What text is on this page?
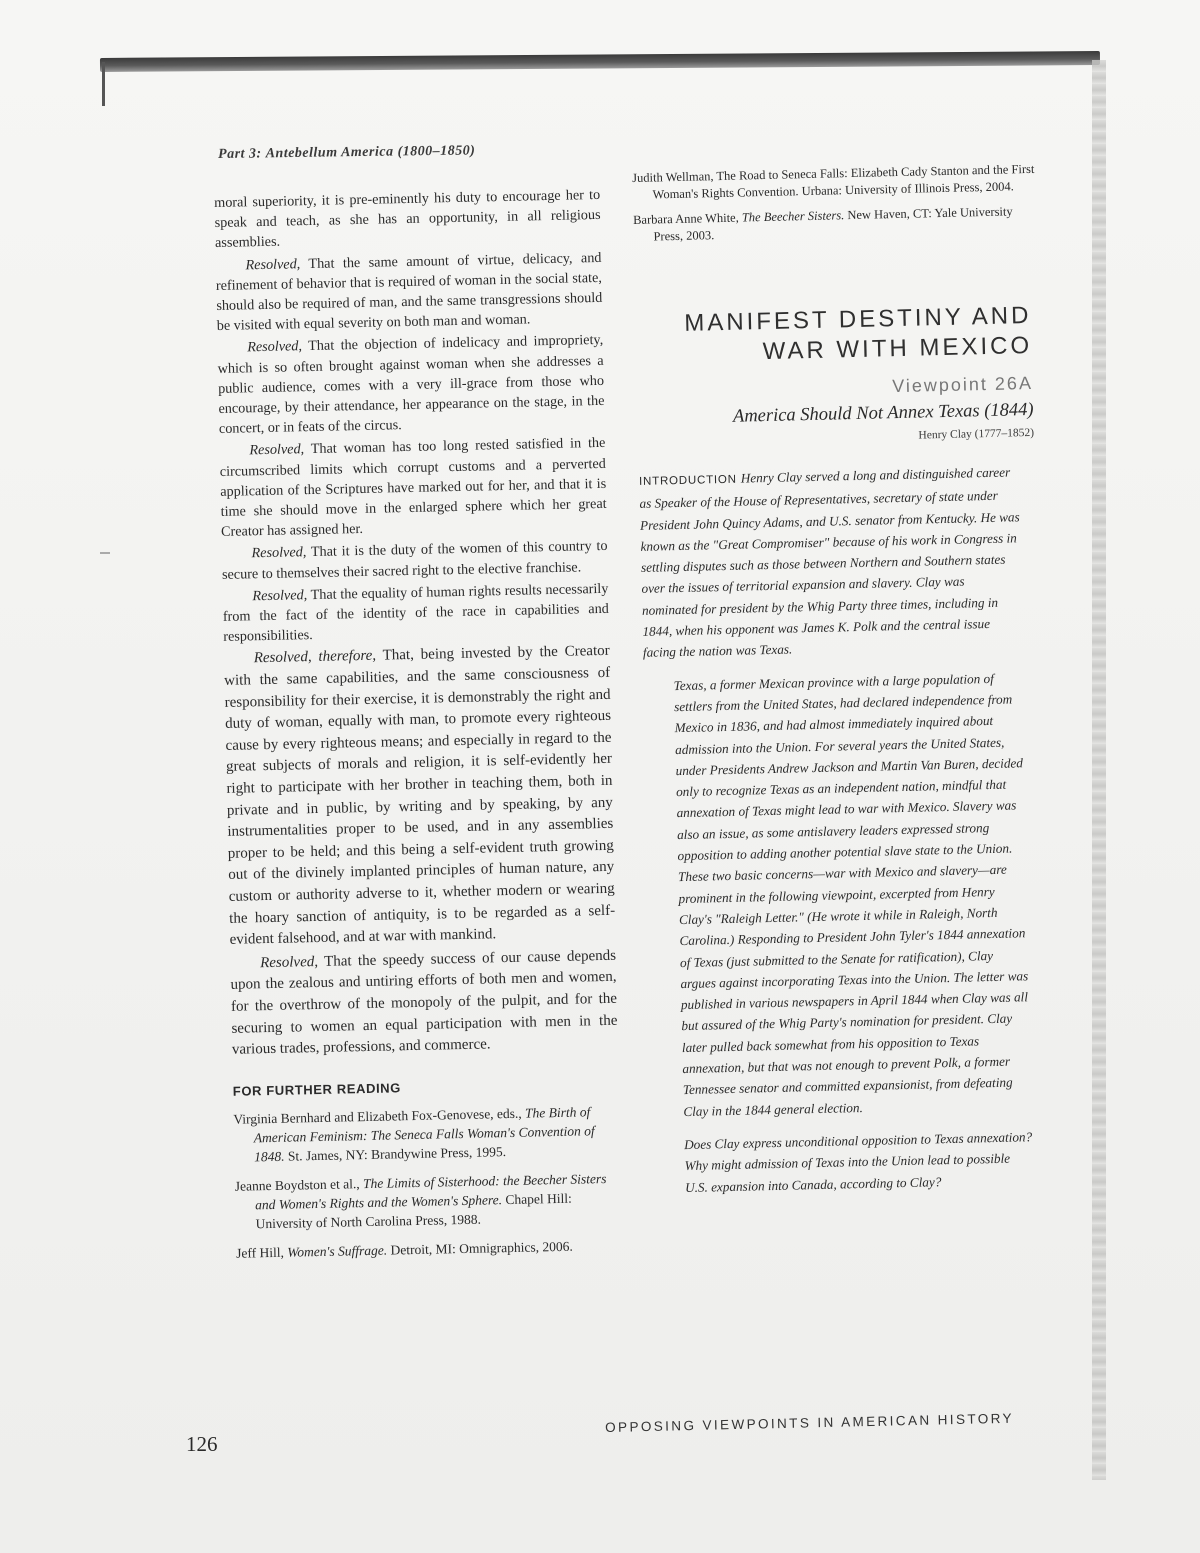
Part 3: Antebellum America (1800–1850)

moral superiority, it is pre-eminently his duty to encourage her to speak and teach, as she has an opportunity, in all religious assemblies.

Resolved, That the same amount of virtue, delicacy, and refinement of behavior that is required of woman in the social state, should also be required of man, and the same transgressions should be visited with equal severity on both man and woman.

Resolved, That the objection of indelicacy and impropriety, which is so often brought against woman when she addresses a public audience, comes with a very ill-grace from those who encourage, by their attendance, her appearance on the stage, in the concert, or in feats of the circus.

Resolved, That woman has too long rested satisfied in the circumscribed limits which corrupt customs and a perverted application of the Scriptures have marked out for her, and that it is time she should move in the enlarged sphere which her great Creator has assigned her.

Resolved, That it is the duty of the women of this country to secure to themselves their sacred right to the elective franchise.

Resolved, That the equality of human rights results necessarily from the fact of the identity of the race in capabilities and responsibilities.

Resolved, therefore, That, being invested by the Creator with the same capabilities, and the same consciousness of responsibility for their exercise, it is demonstrably the right and duty of woman, equally with man, to promote every righteous cause by every righteous means; and especially in regard to the great subjects of morals and religion, it is self-evidently her right to participate with her brother in teaching them, both in private and in public, by writing and by speaking, by any instrumentalities proper to be used, and in any assemblies proper to be held; and this being a self-evident truth growing out of the divinely implanted principles of human nature, any custom or authority adverse to it, whether modern or wearing the hoary sanction of antiquity, is to be regarded as a self-evident falsehood, and at war with mankind.

Resolved, That the speedy success of our cause depends upon the zealous and untiring efforts of both men and women, for the overthrow of the monopoly of the pulpit, and for the securing to women an equal participation with men in the various trades, professions, and commerce.

FOR FURTHER READING
Virginia Bernhard and Elizabeth Fox-Genovese, eds., The Birth of American Feminism: The Seneca Falls Woman's Convention of 1848. St. James, NY: Brandywine Press, 1995.
Jeanne Boydston et al., The Limits of Sisterhood: the Beecher Sisters and Women's Rights and the Women's Sphere. Chapel Hill: University of North Carolina Press, 1988.
Jeff Hill, Women's Suffrage. Detroit, MI: Omnigraphics, 2006.
Judith Wellman, The Road to Seneca Falls: Elizabeth Cady Stanton and the First Woman's Rights Convention. Urbana: University of Illinois Press, 2004.
Barbara Anne White, The Beecher Sisters. New Haven, CT: Yale University Press, 2003.
MANIFEST DESTINY AND
WAR WITH MEXICO
Viewpoint 26A
America Should Not Annex Texas (1844)
Henry Clay (1777–1852)

INTRODUCTION Henry Clay served a long and distinguished career as Speaker of the House of Representatives, secretary of state under President John Quincy Adams, and U.S. senator from Kentucky. He was known as the "Great Compromiser" because of his work in Congress in settling disputes such as those between Northern and Southern states over the issues of territorial expansion and slavery. Clay was nominated for president by the Whig Party three times, including in 1844, when his opponent was James K. Polk and the central issue facing the nation was Texas.

Texas, a former Mexican province with a large population of settlers from the United States, had declared independence from Mexico in 1836, and had almost immediately inquired about admission into the Union. For several years the United States, under Presidents Andrew Jackson and Martin Van Buren, decided only to recognize Texas as an independent nation, mindful that annexation of Texas might lead to war with Mexico. Slavery was also an issue, as some antislavery leaders expressed strong opposition to adding another potential slave state to the Union. These two basic concerns—war with Mexico and slavery—are prominent in the following viewpoint, excerpted from Henry Clay's "Raleigh Letter." (He wrote it while in Raleigh, North Carolina.) Responding to President John Tyler's 1844 annexation of Texas (just submitted to the Senate for ratification), Clay argues against incorporating Texas into the Union. The letter was published in various newspapers in April 1844 when Clay was all but assured of the Whig Party's nomination for president. Clay later pulled back somewhat from his opposition to Texas annexation, but that was not enough to prevent Polk, a former Tennessee senator and committed expansionist, from defeating Clay in the 1844 general election.

Does Clay express unconditional opposition to Texas annexation? Why might admission of Texas into the Union lead to possible U.S. expansion into Canada, according to Clay?

126
OPPOSING VIEWPOINTS IN AMERICAN HISTORY
